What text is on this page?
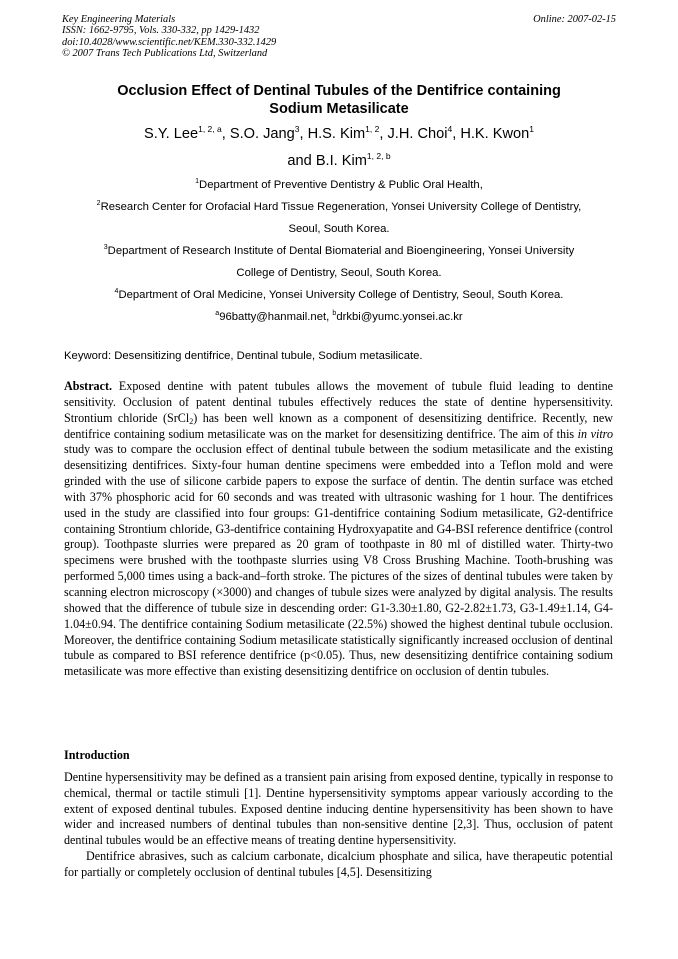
Key Engineering Materials
ISSN: 1662-9795, Vols. 330-332, pp 1429-1432
doi:10.4028/www.scientific.net/KEM.330-332.1429
© 2007 Trans Tech Publications Ltd, Switzerland
Online: 2007-02-15
Occlusion Effect of Dentinal Tubules of the Dentifrice containing
Sodium Metasilicate
S.Y. Lee$^{1, 2, a}$, S.O. Jang$^3$, H.S. Kim$^{1, 2}$, J.H. Choi$^4$, H.K. Kwon$^1$
and B.I. Kim$^{1, 2, b}$
$^1$Department of Preventive Dentistry & Public Oral Health,
$^2$Research Center for Orofacial Hard Tissue Regeneration, Yonsei University College of Dentistry,
Seoul, South Korea.
$^3$Department of Research Institute of Dental Biomaterial and Bioengineering, Yonsei University
College of Dentistry, Seoul, South Korea.
$^4$Department of Oral Medicine, Yonsei University College of Dentistry, Seoul, South Korea.
$^a$96batty@hanmail.net, $^b$drkbi@yumc.yonsei.ac.kr
Keyword: Desensitizing dentifrice, Dentinal tubule, Sodium metasilicate.
Abstract. Exposed dentine with patent tubules allows the movement of tubule fluid leading to dentine sensitivity. Occlusion of patent dentinal tubules effectively reduces the state of dentine hypersensitivity. Strontium chloride (SrCl$_2$) has been well known as a component of desensitizing dentifrice. Recently, new dentifrice containing sodium metasilicate was on the market for desensitizing dentifrice. The aim of this in vitro study was to compare the occlusion effect of dentinal tubule between the sodium metasilicate and the existing desensitizing dentifrices. Sixty-four human dentine specimens were embedded into a Teflon mold and were grinded with the use of silicone carbide papers to expose the surface of dentin. The dentin surface was etched with 37% phosphoric acid for 60 seconds and was treated with ultrasonic washing for 1 hour. The dentifrices used in the study are classified into four groups: G1-dentifrice containing Sodium metasilicate, G2-dentifrice containing Strontium chloride, G3-dentifrice containing Hydroxyapatite and G4-BSI reference dentifrice (control group). Toothpaste slurries were prepared as 20 gram of toothpaste in 80 ml of distilled water. Thirty-two specimens were brushed with the toothpaste slurries using V8 Cross Brushing Machine. Tooth-brushing was performed 5,000 times using a back-and–forth stroke. The pictures of the sizes of dentinal tubules were taken by scanning electron microscopy (×3000) and changes of tubule sizes were analyzed by digital analysis. The results showed that the difference of tubule size in descending order: G1-3.30±1.80, G2-2.82±1.73, G3-1.49±1.14, G4-1.04±0.94. The dentifrice containing Sodium metasilicate (22.5%) showed the highest dentinal tubule occlusion. Moreover, the dentifrice containing Sodium metasilicate statistically significantly increased occlusion of dentinal tubule as compared to BSI reference dentifrice (p<0.05). Thus, new desensitizing dentifrice containing sodium metasilicate was more effective than existing desensitizing dentifrice on occlusion of dentin tubules.
Introduction

Dentine hypersensitivity may be defined as a transient pain arising from exposed dentine, typically in response to chemical, thermal or tactile stimuli [1]. Dentine hypersensitivity symptoms appear variously according to the extent of exposed dentinal tubules. Exposed dentine inducing dentine hypersensitivity has been shown to have wider and increased numbers of dentinal tubules than non-sensitive dentine [2,3]. Thus, occlusion of patent dentinal tubules would be an effective means of treating dentine hypersensitivity.

Dentifrice abrasives, such as calcium carbonate, dicalcium phosphate and silica, have therapeutic potential for partially or completely occlusion of dentinal tubules [4,5]. Desensitizing
